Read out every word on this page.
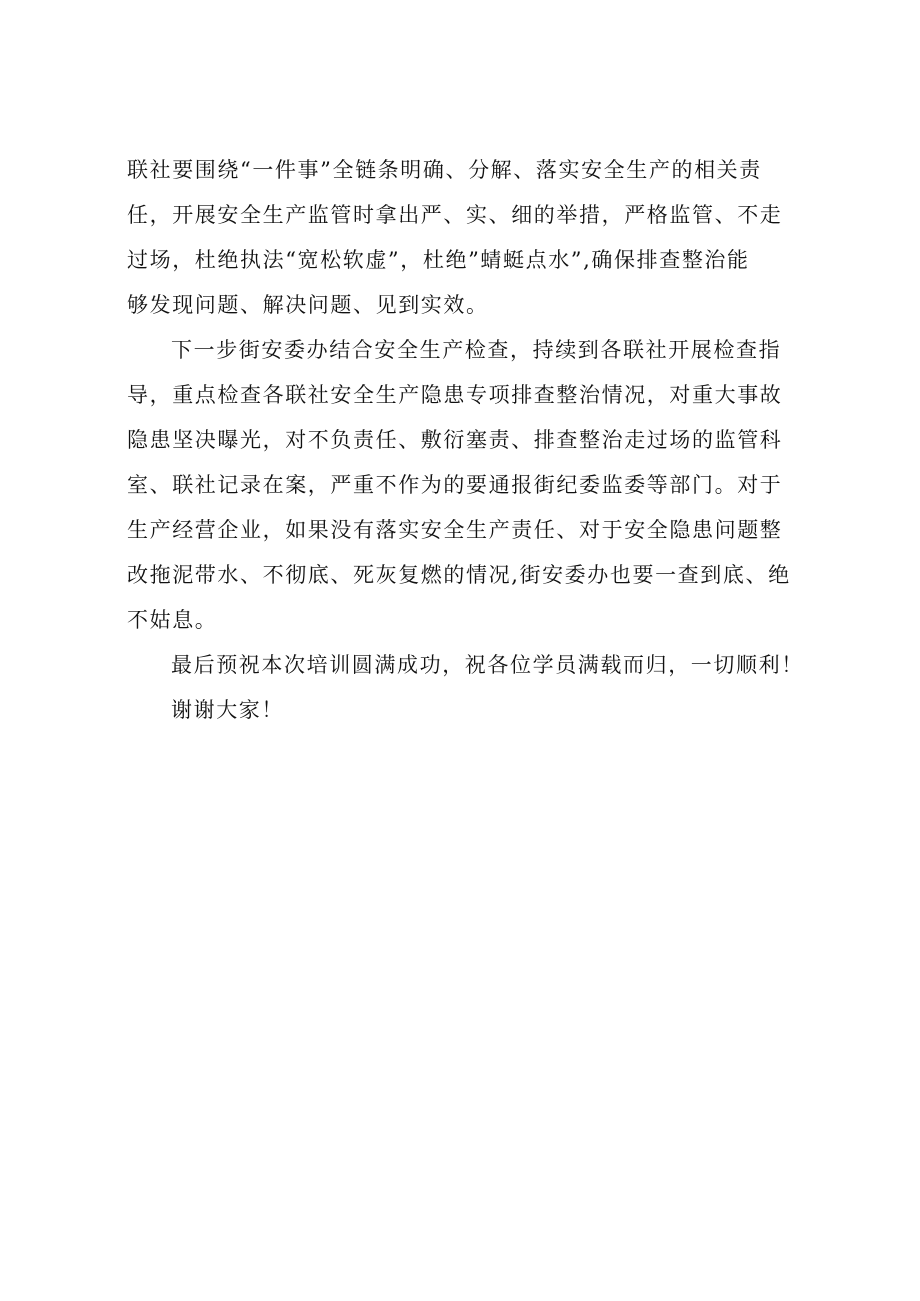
联社要围绕“一件事”全链条明确、分解、落实安全生产的相关责
任，开展安全生产监管时拿出严、实、细的举措，严格监管、不走
过场，杜绝执法“宽松软虚”，杜绝”蜻蜓点水”,确保排查整治能
够发现问题、解决问题、见到实效。
下一步街安委办结合安全生产检查，持续到各联社开展检查指
导，重点检查各联社安全生产隐患专项排查整治情况，对重大事故
隐患坚决曝光，对不负责任、敷衍塞责、排查整治走过场的监管科
室、联社记录在案，严重不作为的要通报街纪委监委等部门。对于
生产经营企业，如果没有落实安全生产责任、对于安全隐患问题整
改拖泥带水、不彻底、死灰复燃的情况,街安委办也要一查到底、绝
不姑息。
最后预祝本次培训圆满成功，祝各位学员满载而归，一切顺利！
谢谢大家！
